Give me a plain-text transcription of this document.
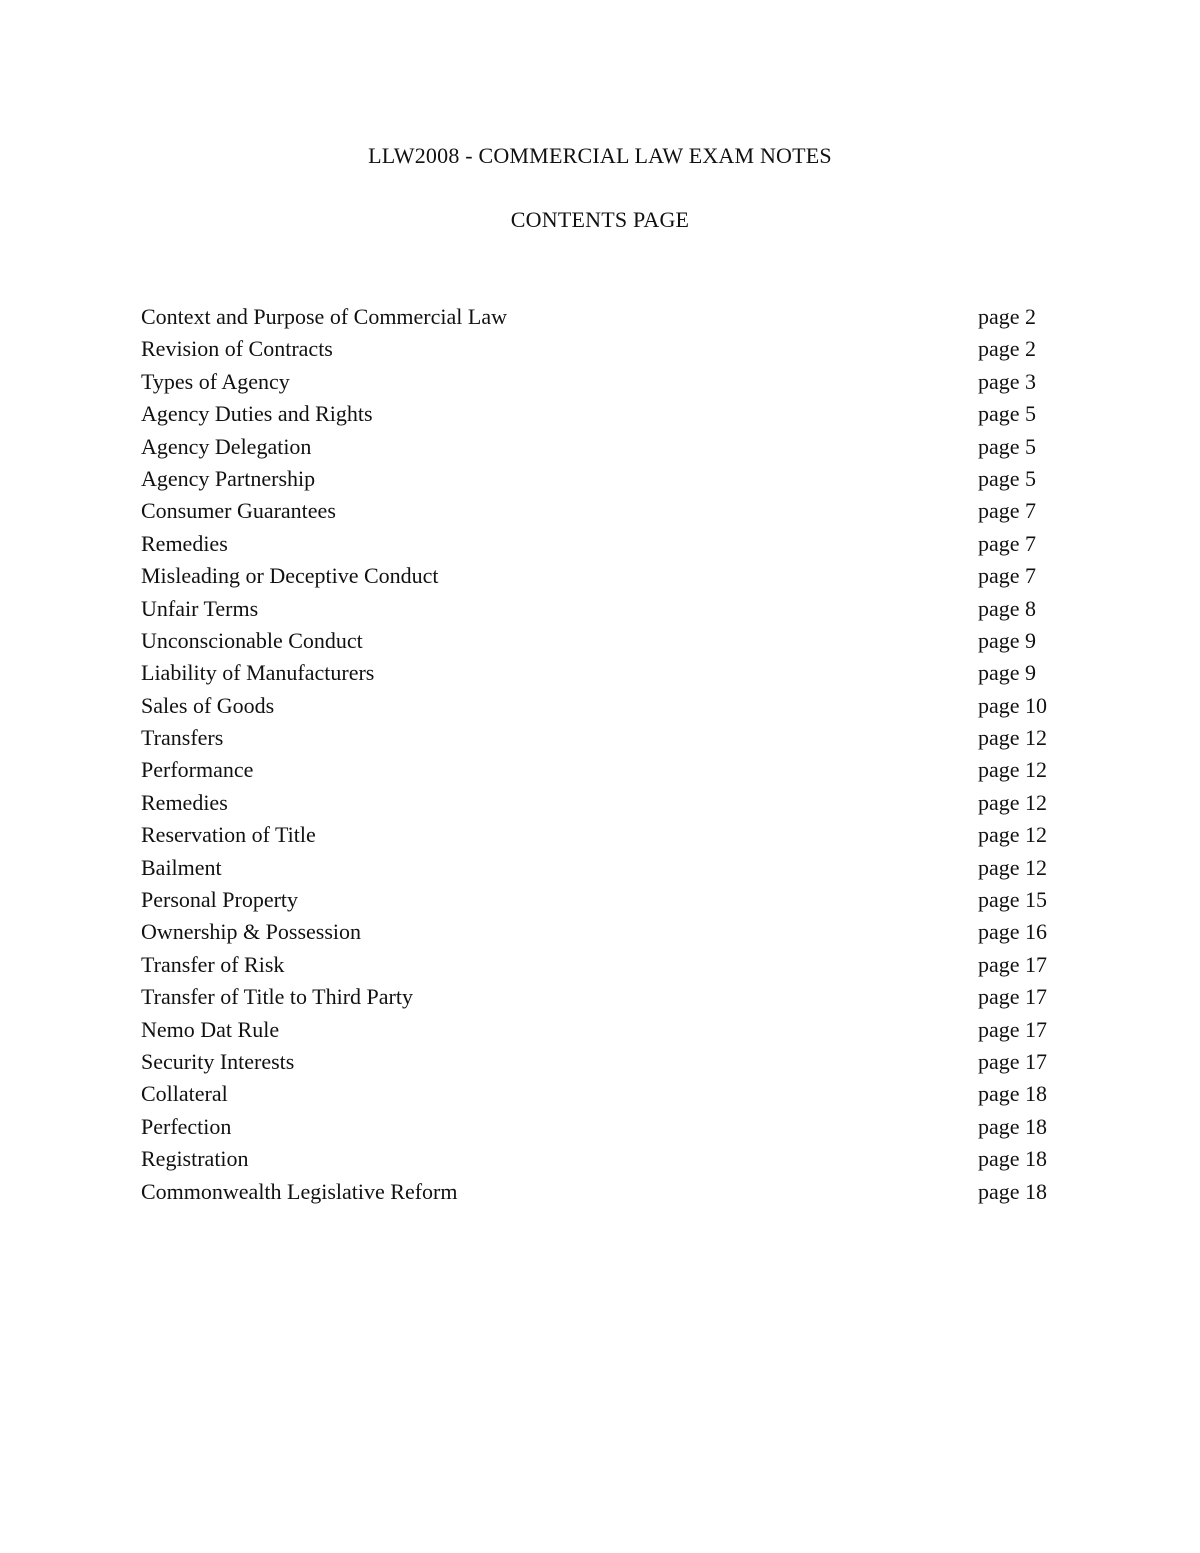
LLW2008 - COMMERCIAL LAW EXAM NOTES
CONTENTS PAGE
Context and Purpose of Commercial Law	page 2
Revision of Contracts	page 2
Types of Agency	page 3
Agency Duties and Rights	page 5
Agency Delegation	page 5
Agency Partnership	page 5
Consumer Guarantees	page 7
Remedies	page 7
Misleading or Deceptive Conduct	page 7
Unfair Terms	page 8
Unconscionable Conduct	page 9
Liability of Manufacturers	page 9
Sales of Goods	page 10
Transfers	page 12
Performance	page 12
Remedies	page 12
Reservation of Title	page 12
Bailment	page 12
Personal Property	page 15
Ownership & Possession	page 16
Transfer of Risk	page 17
Transfer of Title to Third Party	page 17
Nemo Dat Rule	page 17
Security Interests	page 17
Collateral	page 18
Perfection	page 18
Registration	page 18
Commonwealth Legislative Reform	page 18
